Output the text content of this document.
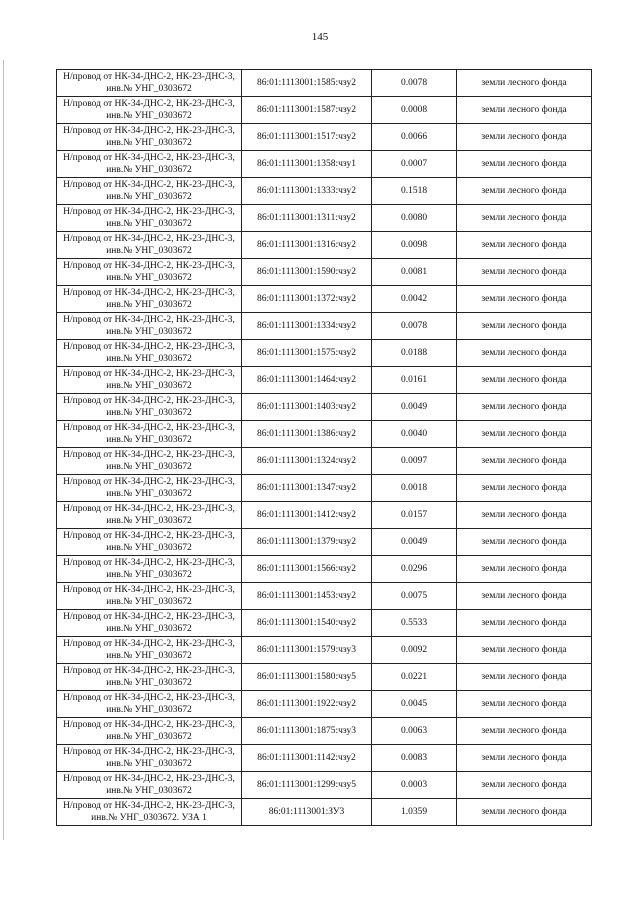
145
Н/провод от НК-34-ДНС-2, НК-23-ДНС-3, инв.№ УНГ_0303672	86:01:1113001:1585:чзу2	0.0078	земли лесного фонда
Н/провод от НК-34-ДНС-2, НК-23-ДНС-3, инв.№ УНГ_0303672	86:01:1113001:1587:чзу2	0.0008	земли лесного фонда
Н/провод от НК-34-ДНС-2, НК-23-ДНС-3, инв.№ УНГ_0303672	86:01:1113001:1517:чзу2	0.0066	земли лесного фонда
Н/провод от НК-34-ДНС-2, НК-23-ДНС-3, инв.№ УНГ_0303672	86:01:1113001:1358:чзу1	0.0007	земли лесного фонда
Н/провод от НК-34-ДНС-2, НК-23-ДНС-3, инв.№ УНГ_0303672	86:01:1113001:1333:чзу2	0.1518	земли лесного фонда
Н/провод от НК-34-ДНС-2, НК-23-ДНС-3, инв.№ УНГ_0303672	86:01:1113001:1311:чзу2	0.0080	земли лесного фонда
Н/провод от НК-34-ДНС-2, НК-23-ДНС-3, инв.№ УНГ_0303672	86:01:1113001:1316:чзу2	0.0098	земли лесного фонда
Н/провод от НК-34-ДНС-2, НК-23-ДНС-3, инв.№ УНГ_0303672	86:01:1113001:1590:чзу2	0.0081	земли лесного фонда
Н/провод от НК-34-ДНС-2, НК-23-ДНС-3, инв.№ УНГ_0303672	86:01:1113001:1372:чзу2	0.0042	земли лесного фонда
Н/провод от НК-34-ДНС-2, НК-23-ДНС-3, инв.№ УНГ_0303672	86:01:1113001:1334:чзу2	0.0078	земли лесного фонда
Н/провод от НК-34-ДНС-2, НК-23-ДНС-3, инв.№ УНГ_0303672	86:01:1113001:1575:чзу2	0.0188	земли лесного фонда
Н/провод от НК-34-ДНС-2, НК-23-ДНС-3, инв.№ УНГ_0303672	86:01:1113001:1464:чзу2	0.0161	земли лесного фонда
Н/провод от НК-34-ДНС-2, НК-23-ДНС-3, инв.№ УНГ_0303672	86:01:1113001:1403:чзу2	0.0049	земли лесного фонда
Н/провод от НК-34-ДНС-2, НК-23-ДНС-3, инв.№ УНГ_0303672	86:01:1113001:1386:чзу2	0.0040	земли лесного фонда
Н/провод от НК-34-ДНС-2, НК-23-ДНС-3, инв.№ УНГ_0303672	86:01:1113001:1324:чзу2	0.0097	земли лесного фонда
Н/провод от НК-34-ДНС-2, НК-23-ДНС-3, инв.№ УНГ_0303672	86:01:1113001:1347:чзу2	0.0018	земли лесного фонда
Н/провод от НК-34-ДНС-2, НК-23-ДНС-3, инв.№ УНГ_0303672	86:01:1113001:1412:чзу2	0.0157	земли лесного фонда
Н/провод от НК-34-ДНС-2, НК-23-ДНС-3, инв.№ УНГ_0303672	86:01:1113001:1379:чзу2	0.0049	земли лесного фонда
Н/провод от НК-34-ДНС-2, НК-23-ДНС-3, инв.№ УНГ_0303672	86:01:1113001:1566:чзу2	0.0296	земли лесного фонда
Н/провод от НК-34-ДНС-2, НК-23-ДНС-3, инв.№ УНГ_0303672	86:01:1113001:1453:чзу2	0.0075	земли лесного фонда
Н/провод от НК-34-ДНС-2, НК-23-ДНС-3, инв.№ УНГ_0303672	86:01:1113001:1540:чзу2	0.5533	земли лесного фонда
Н/провод от НК-34-ДНС-2, НК-23-ДНС-3, инв.№ УНГ_0303672	86:01:1113001:1579:чзу3	0.0092	земли лесного фонда
Н/провод от НК-34-ДНС-2, НК-23-ДНС-3, инв.№ УНГ_0303672	86:01:1113001:1580:чзу5	0.0221	земли лесного фонда
Н/провод от НК-34-ДНС-2, НК-23-ДНС-3, инв.№ УНГ_0303672	86:01:1113001:1922:чзу2	0.0045	земли лесного фонда
Н/провод от НК-34-ДНС-2, НК-23-ДНС-3, инв.№ УНГ_0303672	86:01:1113001:1875:чзу3	0.0063	земли лесного фонда
Н/провод от НК-34-ДНС-2, НК-23-ДНС-3, инв.№ УНГ_0303672	86:01:1113001:1142:чзу2	0.0083	земли лесного фонда
Н/провод от НК-34-ДНС-2, НК-23-ДНС-3, инв.№ УНГ_0303672	86:01:1113001:1299:чзу5	0.0003	земли лесного фонда
Н/провод от НК-34-ДНС-2, НК-23-ДНС-3, инв.№ УНГ_0303672. УЗА 1	86:01:1113001:ЗУ3	1.0359	земли лесного фонда
